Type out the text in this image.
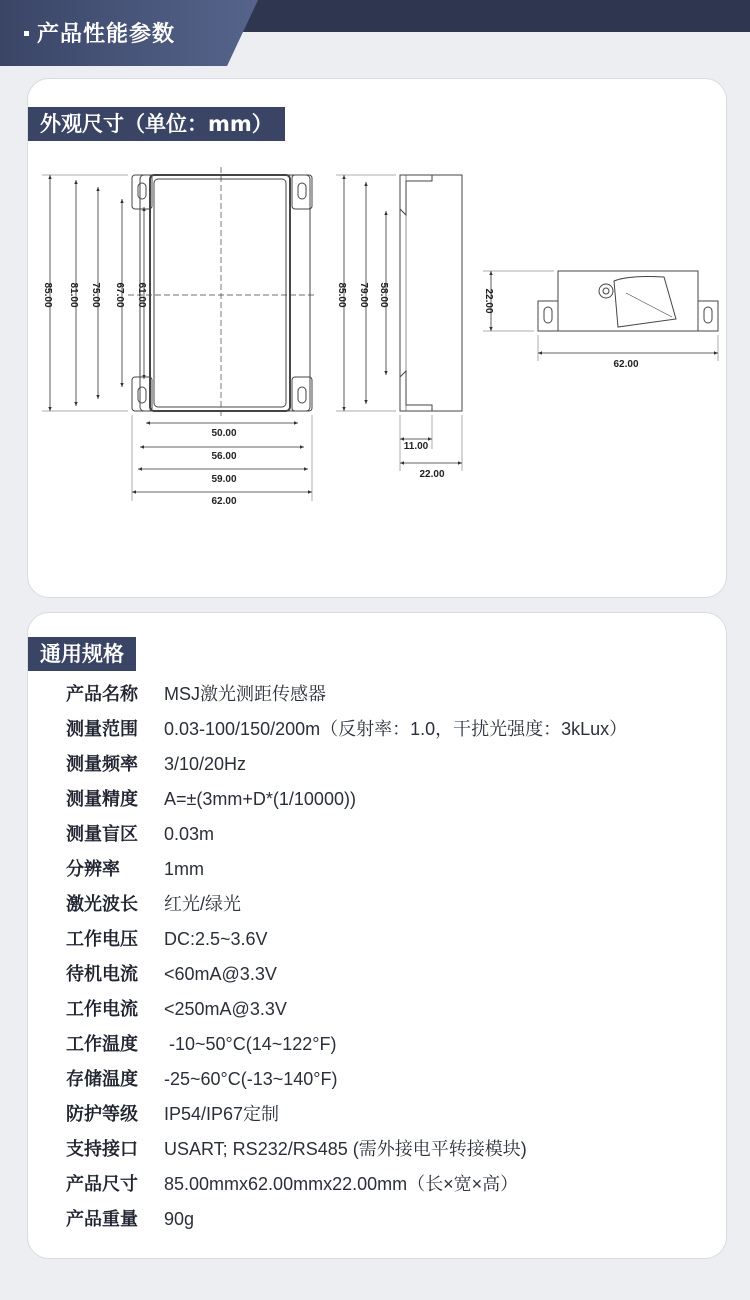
产品性能参数
外观尺寸（单位：mm）
85.00 81.00 75.00 67.00 61.00
50.00
56.00
59.00
62.00
85.00 79.00 58.00
11.00
22.00
22.00
62.00
通用规格
产品名称 MSJ激光测距传感器
测量范围 0.03-100/150/200m（反射率：1.0，干扰光强度：3kLux）
测量频率 3/10/20Hz
测量精度 A=±(3mm+D*(1/10000))
测量盲区 0.03m
分辨率 1mm
激光波长 红光/绿光
工作电压 DC:2.5~3.6V
待机电流 <60mA@3.3V
工作电流 <250mA@3.3V
工作温度 -10~50°C(14~122°F)
存储温度 -25~60°C(-13~140°F)
防护等级 IP54/IP67定制
支持接口 USART; RS232/RS485 (需外接电平转接模块)
产品尺寸 85.00mmx62.00mmx22.00mm（长×宽×高）
产品重量 90g
